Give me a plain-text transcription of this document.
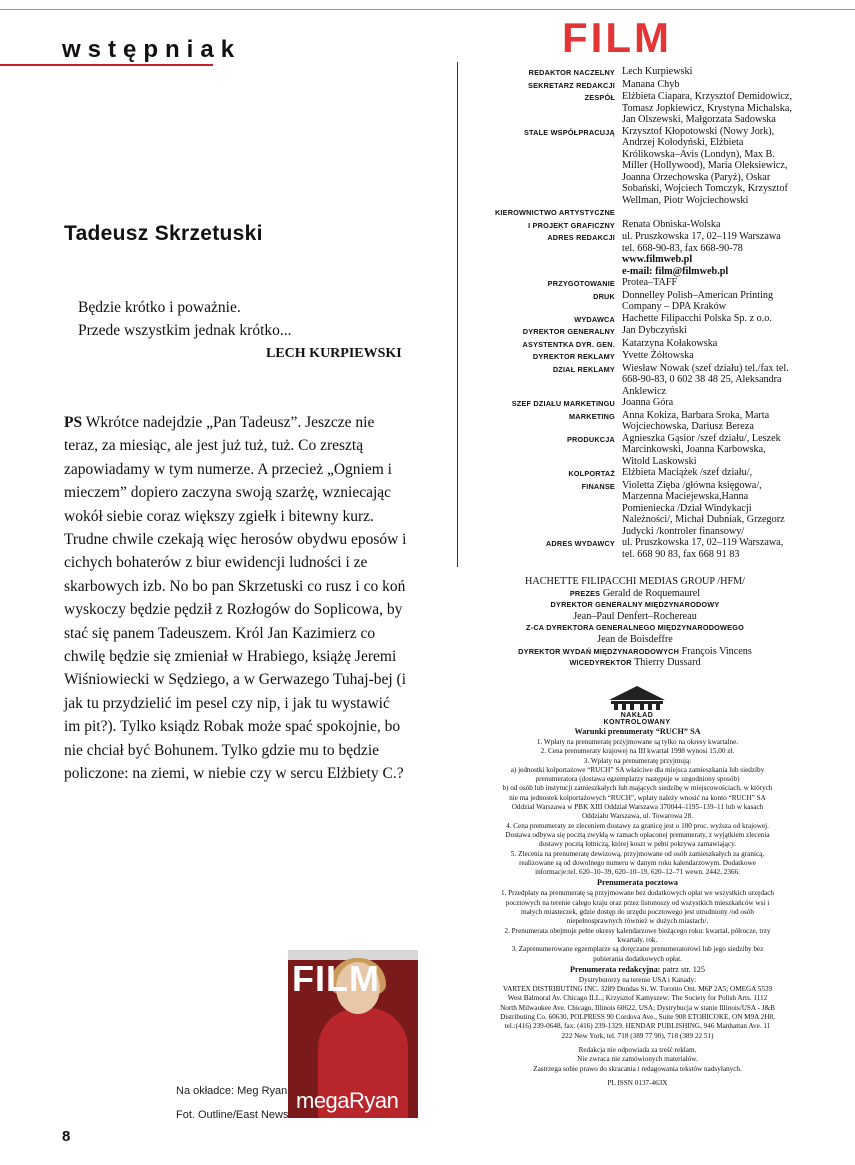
wstępniak
Tadeusz Skrzetuski
Będzie krótko i poważnie.
Przede wszystkim jednak krótko...
LECH KURPIEWSKI

PS Wkrótce nadejdzie „Pan Tadeusz”. Jeszcze nie teraz, za miesiąc, ale jest już tuż, tuż. Co zresztą zapowiadamy w tym numerze. A przecież „Ogniem i mieczem” dopiero zaczyna swoją szarżę, wzniecając wokół siebie coraz większy zgiełk i bitewny kurz. Trudne chwile czekają więc herosów obydwu eposów i cichych bohaterów z biur ewidencji ludności i ze skarbowych izb. No bo pan Skrzetuski co rusz i co koń wyskoczy będzie pędził z Rozłogów do Soplicowa, by stać się panem Tadeuszem. Król Jan Kazimierz co chwilę będzie się zmieniał w Hrabiego, książę Jeremi Wiśniowiecki w Sędziego, a w Gerwazego Tuhaj-bej (i jak tu przydzielić im pesel czy nip, i jak tu wystawić im pit?). Tylko ksiądz Robak może spać spokojnie, bo nie chciał być Bohunem. Tylko gdzie mu to będzie policzone: na ziemi, w niebie czy w sercu Elżbiety C.?

FILM
megaRyan
Na okładce: Meg Ryan
Fot. Outline/East News
8
FILM
REDAKTOR NACZELNY Lech Kurpiewski
SEKRETARZ REDAKCJI Manana Chyb
ZESPÓŁ Elżbieta Ciapara, Krzysztof Demidowicz, Tomasz Jopkiewicz, Krystyna Michalska, Jan Olszewski, Małgorzata Sadowska
STALE WSPÓŁPRACUJĄ Krzysztof Kłopotowski (Nowy Jork), Andrzej Kołodyński, Elżbieta Królikowska–Avis (Londyn), Max B. Miller (Hollywood), Maria Oleksiewicz, Joanna Orzechowska (Paryż), Oskar Sobański, Wojciech Tomczyk, Krzysztof Wellman, Piotr Wojciechowski
KIEROWNICTWO ARTYSTYCZNE
I PROJEKT GRAFICZNY Renata Obniska-Wolska
ADRES REDAKCJI ul. Pruszkowska 17, 02–119 Warszawa tel. 668-90-83, fax 668-90-78
www.filmweb.pl
e-mail: film@filmweb.pl
PRZYGOTOWANIE Protea–TAFF
DRUK Donnelley Polish–American Printing Company – DPA Kraków
WYDAWCA Hachette Filipacchi Polska Sp. z o.o.
DYREKTOR GENERALNY Jan Dybczyński
ASYSTENTKA DYR. GEN. Katarzyna Kołakowska
DYREKTOR REKLAMY Yvette Żółtowska
DZIAŁ REKLAMY Wiesław Nowak (szef działu) tel./fax tel. 668-90-83, 0 602 38 48 25, Aleksandra Anklewicz
SZEF DZIAŁU MARKETINGU Joanna Góra
MARKETING Anna Kokiza, Barbara Sroka, Marta Wojciechowska, Dariusz Bereza
PRODUKCJA Agnieszka Gąsior /szef działu/, Leszek Marcinkowski, Joanna Karbowska, Witold Laskowski
KOLPORTAŻ Elżbieta Maciążek /szef działu/,
FINANSE Violetta Zięba /główna księgowa/, Marzenna Maciejewska,Hanna Pomieniecka /Dział Windykacji Należności/, Michał Dubniak, Grzegorz Judycki /kontroler finansowy/
ADRES WYDAWCY ul. Pruszkowska 17, 02–119 Warszawa, tel. 668 90 83, fax 668 91 83
HACHETTE FILIPACCHI MEDIAS GROUP /HFM/
PREZES Gerald de Roquemaurel
DYREKTOR GENERALNY MIĘDZYNARODOWY
Jean–Paul Denfert–Rochereau
Z-CA DYREKTORA GENERALNEGO MIĘDZYNARODOWEGO
Jean de Boisdeffre
DYREKTOR WYDAŃ MIĘDZYNARODOWYCH François Vincens
WICEDYREKTOR Thierry Dussard
NAKŁAD KONTROLOWANY

Warunki prenumeraty “RUCH” SA

1. Wpłaty na prenumeratę przyjmowane są tylko na okresy kwartalne.

2. Cena prenumeraty krajowej na III kwartał 1998 wynosi 15,00 zł.

3. Wpłaty na prenumeratę przyjmują:

a) jednostki kolportażowe “RUCH” SA właściwe dla miejsca zamieszkania lub siedziby prenumeratora (dostawa egzemplarzy następuje w uzgodniony sposób)

b) od osób lub instytucji zamieszkałych lub mających siedzibę w miejscowościach, w których nie ma jednostek kolportażowych “RUCH”, wpłaty należy wnosić na konto “RUCH” SA Oddział Warszawa w PBK XIII Oddział Warszawa 370044–1195–139–11 lub w kasach Oddziału Warszawa, ul. Towarowa 28.

4. Cena prenumeraty ze zleceniem dostawy za granicę jest o 100 proc. wyższa od krajowej. Dostawa odbywa się pocztą zwykłą w ramach opłaconej prenumeraty, z wyjątkiem zlecenia dostawy pocztą lotniczą, której koszt w pełni pokrywa zamawiający.

5. Zlecenia na prenumeratę dewizową, przyjmowane od osób zamieszkałych za granicą, realizowane są od dowolnego numeru w danym roku kalendarzowym. Dodatkowe informacje:tel. 620–10–39, 620–10–19, 620–12–71 wewn. 2442, 2366.

Prenumerata pocztowa

1. Przedpłaty na prenumeratę są przyjmowane bez dodatkowych opłat we wszystkich urzędach pocztowych na terenie całego kraju oraz przez listonoszy od wszystkich mieszkańców wsi i małych miasteczek, gdzie dostęp do urzędu pocztowego jest utrudniony /od osób niepełnosprawnych również w dużych miastach/.

2. Prenumerata obejmuje pełne okresy kalendarzowe bieżącego roku: kwartał, półrocze, trzy kwartały, rok.

3. Zaprenumerowane egzemplarze są doręczane prenumeratorowi lub jego siedziby bez pobierania dodatkowych opłat.

Prenumerata redakcyjna: patrz str. 125

Dystrybutorzy na terenie USA i Kanady:

VARTEX DISTRIBUTING INC. 3289 Dundas St. W. Toronto Ont. M6P 2A5; OMEGA 5539 West Balmoral Av. Chicago ILL.; Krzysztof Kamyszew: The Society for Polish Arts. 1112 North Milwaukee Ave. Chicago, Illinois 60622, USA; Dystrybucja w stanie Illinois/USA - J&B Distributing Co. 60630, POLPRESS 90 Cordova Ave., Suite 908 ETOBICOKE, ON M9A 2H8, tel.:(416) 239-0648, fax: (416) 239-1329. HENDAR PUBLISHING, 946 Manhattan Ave. 11 222 New York, tel. 718 (389 77 90), 718 (389 22 51)

Redakcja nie odpowiada za treść reklam.

Nie zwraca nie zamówionych materiałów.

Zastrzega sobie prawo do skracania i redagowania tekstów nadsyłanych.

PL ISSN 0137-463X
